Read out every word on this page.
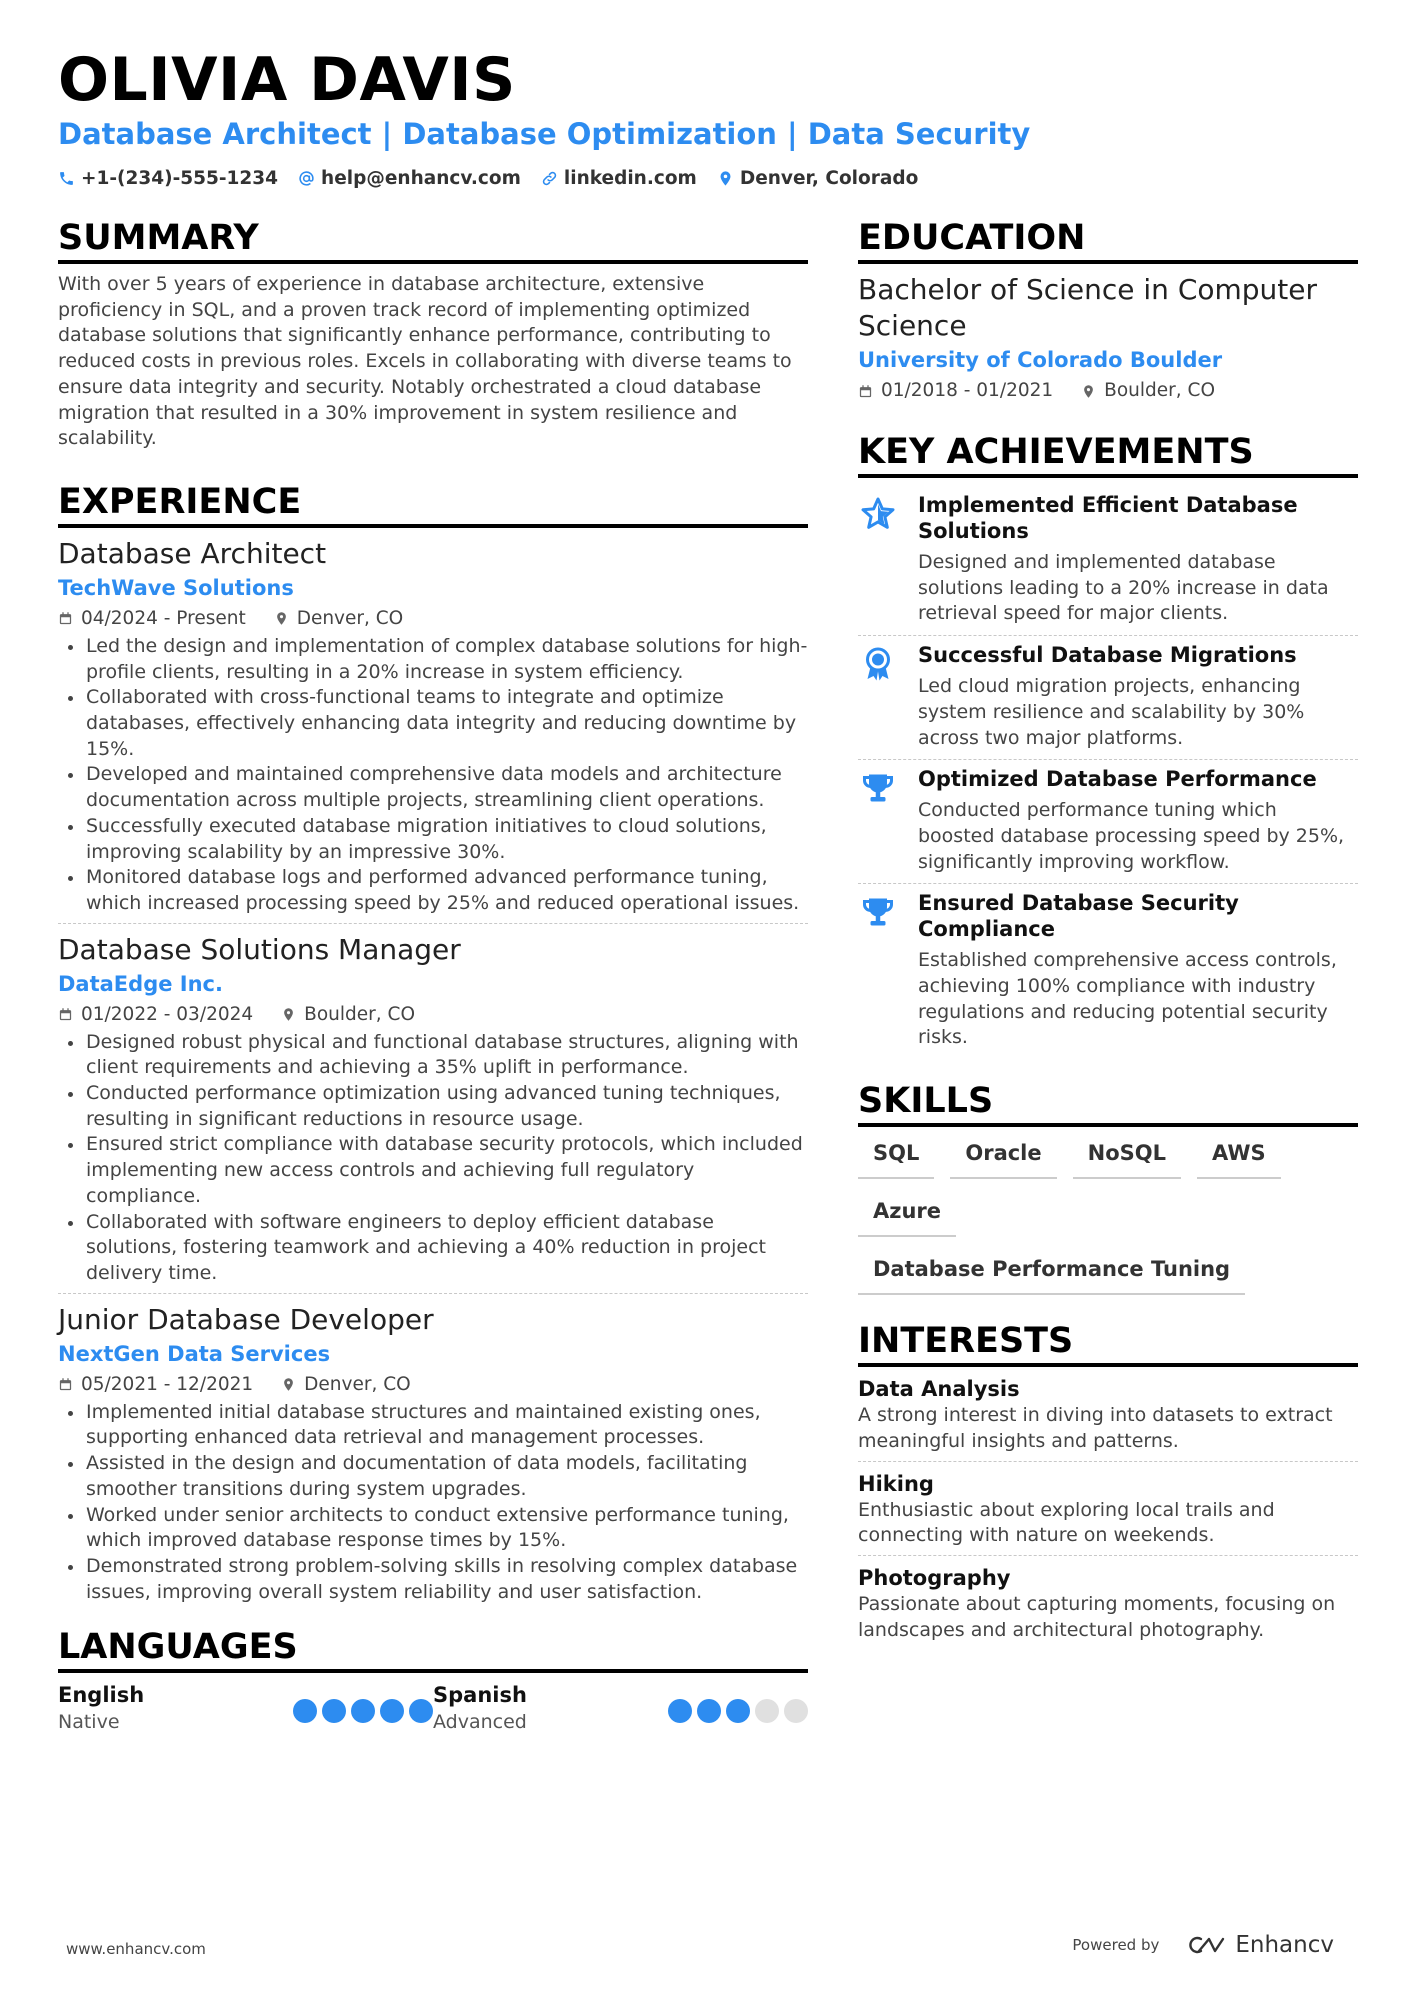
OLIVIA DAVIS
Database Architect | Database Optimization | Data Security
+1-(234)-555-1234 help@enhancv.com linkedin.com Denver, Colorado
SUMMARY

With over 5 years of experience in database architecture, extensive proficiency in SQL, and a proven track record of implementing optimized database solutions that significantly enhance performance, contributing to reduced costs in previous roles. Excels in collaborating with diverse teams to ensure data integrity and security. Notably orchestrated a cloud database migration that resulted in a 30% improvement in system resilience and scalability.

EXPERIENCE
Database Architect
TechWave Solutions
04/2024 - Present	Denver, CO
Led the design and implementation of complex database solutions for high-profile clients, resulting in a 20% increase in system efficiency.
Collaborated with cross-functional teams to integrate and optimize databases, effectively enhancing data integrity and reducing downtime by 15%.
Developed and maintained comprehensive data models and architecture documentation across multiple projects, streamlining client operations.
Successfully executed database migration initiatives to cloud solutions, improving scalability by an impressive 30%.
Monitored database logs and performed advanced performance tuning, which increased processing speed by 25% and reduced operational issues.
Database Solutions Manager
DataEdge Inc.
01/2022 - 03/2024	Boulder, CO
Designed robust physical and functional database structures, aligning with client requirements and achieving a 35% uplift in performance.
Conducted performance optimization using advanced tuning techniques, resulting in significant reductions in resource usage.
Ensured strict compliance with database security protocols, which included implementing new access controls and achieving full regulatory compliance.
Collaborated with software engineers to deploy efficient database solutions, fostering teamwork and achieving a 40% reduction in project delivery time.
Junior Database Developer
NextGen Data Services
05/2021 - 12/2021	Denver, CO
Implemented initial database structures and maintained existing ones, supporting enhanced data retrieval and management processes.
Assisted in the design and documentation of data models, facilitating smoother transitions during system upgrades.
Worked under senior architects to conduct extensive performance tuning, which improved database response times by 15%.
Demonstrated strong problem-solving skills in resolving complex database issues, improving overall system reliability and user satisfaction.
LANGUAGES
English
Native
Spanish
Advanced
EDUCATION
Bachelor of Science in Computer Science
University of Colorado Boulder
01/2018 - 01/2021	Boulder, CO
KEY ACHIEVEMENTS
Implemented Efficient Database Solutions
Designed and implemented database solutions leading to a 20% increase in data retrieval speed for major clients.
Successful Database Migrations
Led cloud migration projects, enhancing system resilience and scalability by 30% across two major platforms.
Optimized Database Performance
Conducted performance tuning which boosted database processing speed by 25%, significantly improving workflow.
Ensured Database Security Compliance
Established comprehensive access controls, achieving 100% compliance with industry regulations and reducing potential security risks.
SKILLS
SQL	Oracle	NoSQL	AWS
Azure
Database Performance Tuning
INTERESTS
Data Analysis
A strong interest in diving into datasets to extract meaningful insights and patterns.
Hiking
Enthusiastic about exploring local trails and connecting with nature on weekends.
Photography
Passionate about capturing moments, focusing on landscapes and architectural photography.
www.enhancv.com	Powered by	Enhancv
